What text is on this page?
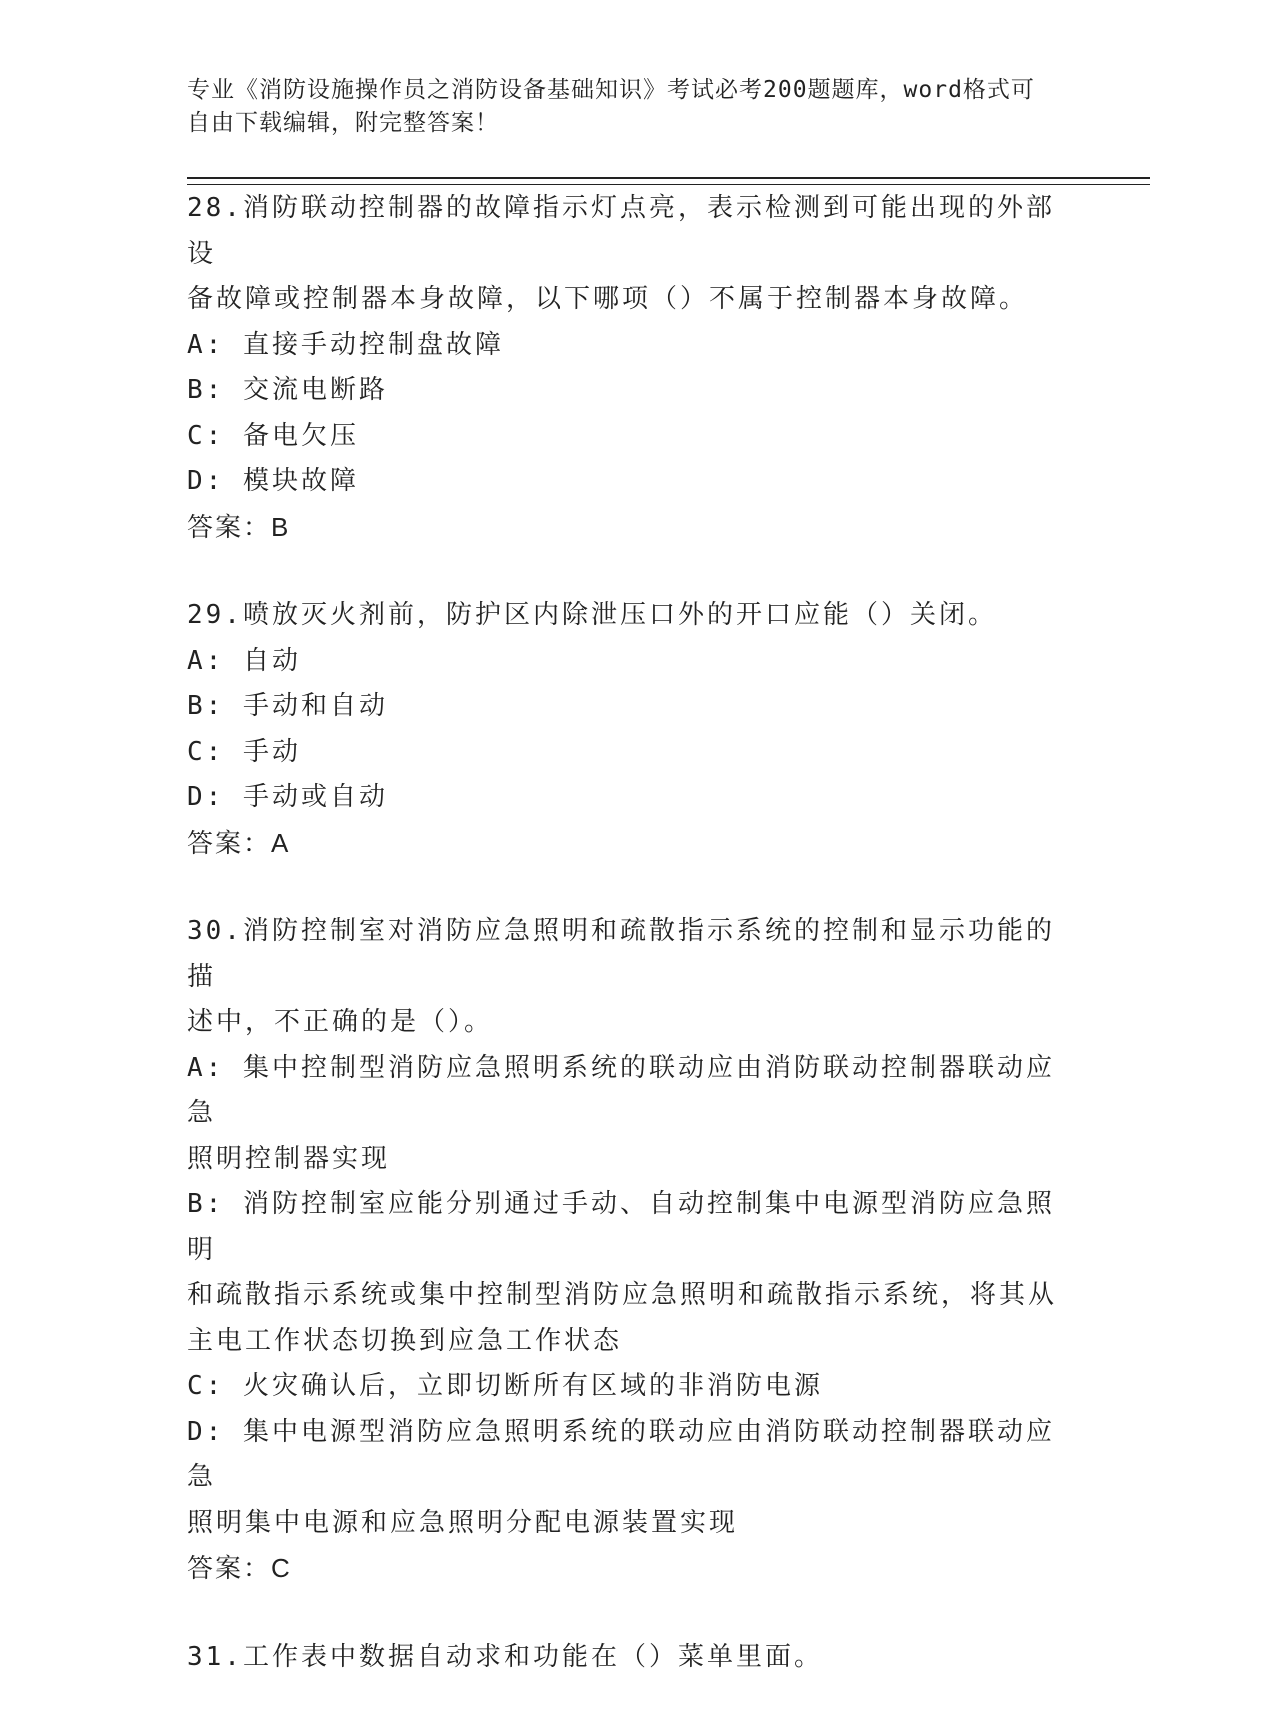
专业《消防设施操作员之消防设备基础知识》考试必考200题题库，word格式可
自由下载编辑，附完整答案！
28.消防联动控制器的故障指示灯点亮，表示检测到可能出现的外部设
备故障或控制器本身故障，以下哪项（）不属于控制器本身故障。
A: 直接手动控制盘故障
B: 交流电断路
C: 备电欠压
D: 模块故障
答案：B
29.喷放灭火剂前，防护区内除泄压口外的开口应能（）关闭。
A: 自动
B: 手动和自动
C: 手动
D: 手动或自动
答案：A
30.消防控制室对消防应急照明和疏散指示系统的控制和显示功能的描
述中，不正确的是（）。
A: 集中控制型消防应急照明系统的联动应由消防联动控制器联动应急
照明控制器实现
B: 消防控制室应能分别通过手动、自动控制集中电源型消防应急照明
和疏散指示系统或集中控制型消防应急照明和疏散指示系统，将其从
主电工作状态切换到应急工作状态
C: 火灾确认后，立即切断所有区域的非消防电源
D: 集中电源型消防应急照明系统的联动应由消防联动控制器联动应急
照明集中电源和应急照明分配电源装置实现
答案：C
31.工作表中数据自动求和功能在（）菜单里面。
